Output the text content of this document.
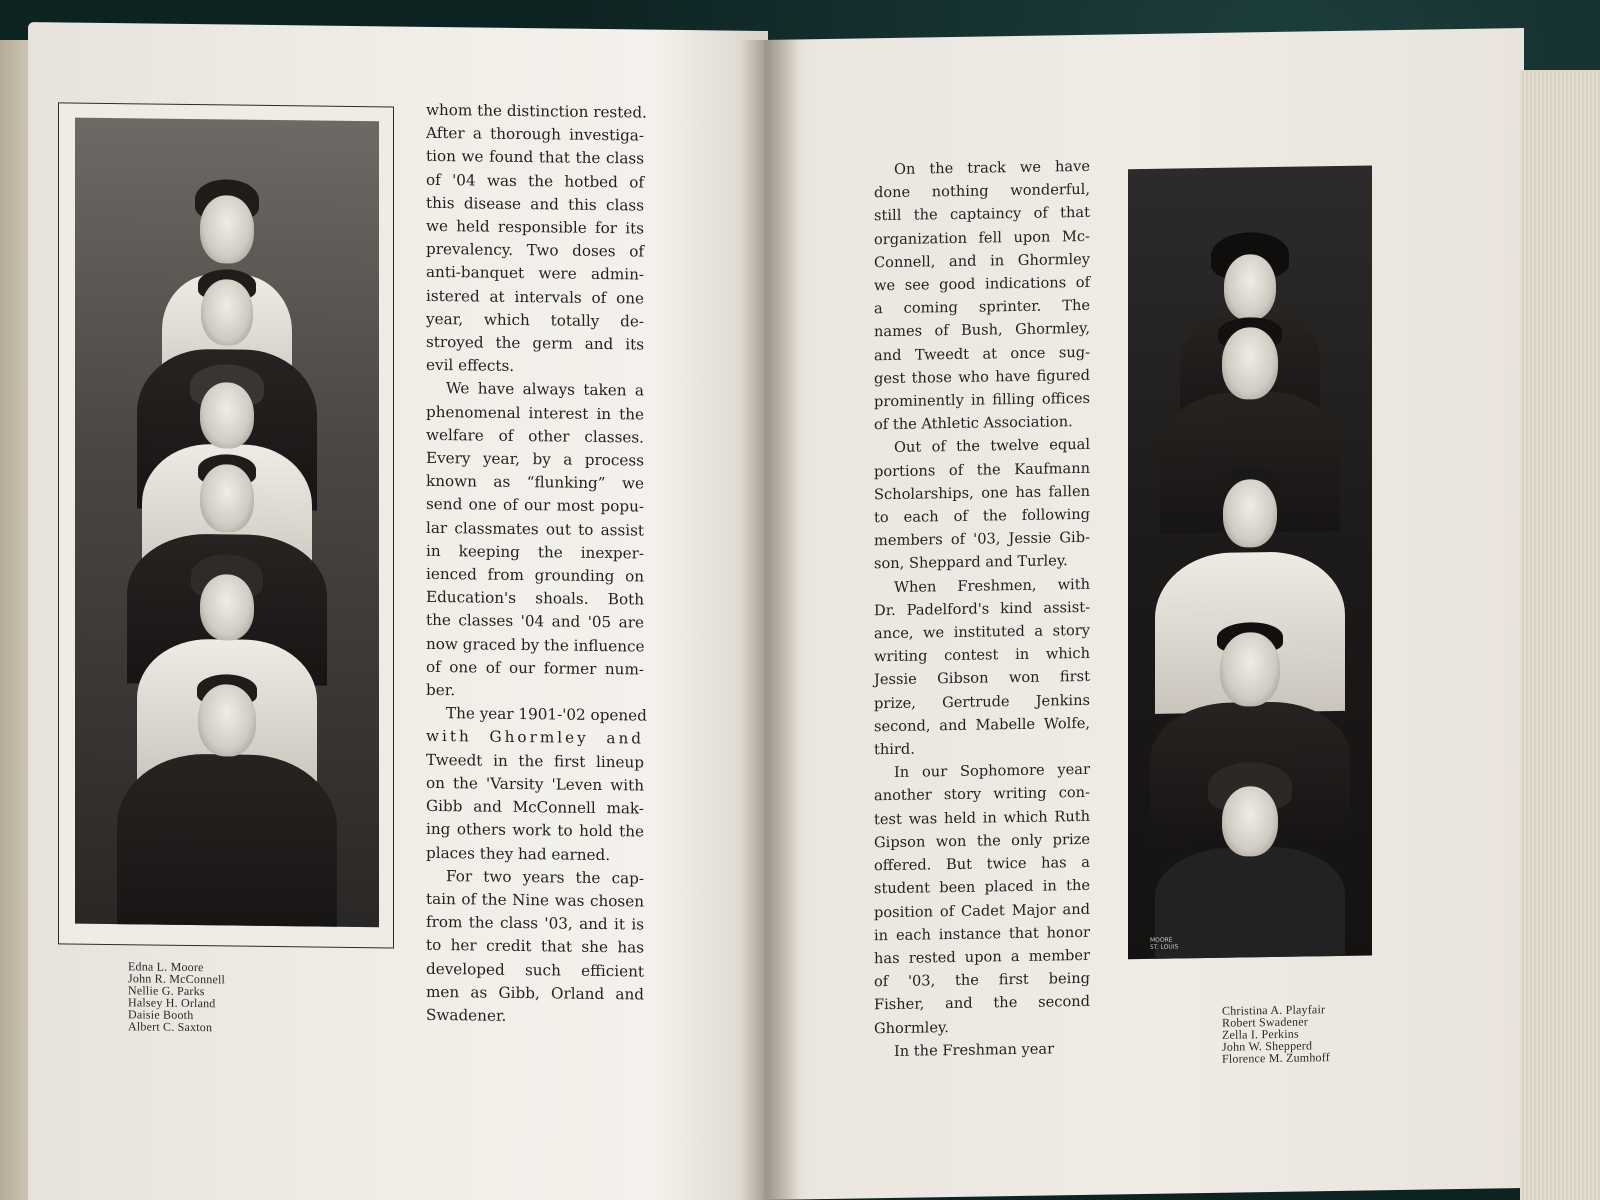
Edna L. Moore
John R. McConnell
Nellie G. Parks
Halsey H. Orland
Daisie Booth
Albert C. Saxton
whom the distinction rested.
After a thorough investiga-
tion we found that the class
of '04 was the hotbed of
this disease and this class
we held responsible for its
prevalency. Two doses of
anti-banquet were admin-
istered at intervals of one
year, which totally de-
stroyed the germ and its
evil effects.
We have always taken a
phenomenal interest in the
welfare of other classes.
Every year, by a process
known as “flunking” we
send one of our most popu-
lar classmates out to assist
in keeping the inexper-
ienced from grounding on
Education's shoals. Both
the classes '04 and '05 are
now graced by the influence
of one of our former num-
ber.
The year 1901-'02 opened
with Ghormley and
Tweedt in the first lineup
on the 'Varsity 'Leven with
Gibb and McConnell mak-
ing others work to hold the
places they had earned.
For two years the cap-
tain of the Nine was chosen
from the class '03, and it is
to her credit that she has
developed such efficient
men as Gibb, Orland and
Swadener.
On the track we have
done nothing wonderful,
still the captaincy of that
organization fell upon Mc-
Connell, and in Ghormley
we see good indications of
a coming sprinter. The
names of Bush, Ghormley,
and Tweedt at once sug-
gest those who have figured
prominently in filling offices
of the Athletic Association.
Out of the twelve equal
portions of the Kaufmann
Scholarships, one has fallen
to each of the following
members of '03, Jessie Gib-
son, Sheppard and Turley.
When Freshmen, with
Dr. Padelford's kind assist-
ance, we instituted a story
writing contest in which
Jessie Gibson won first
prize, Gertrude Jenkins
second, and Mabelle Wolfe,
third.
In our Sophomore year
another story writing con-
test was held in which Ruth
Gipson won the only prize
offered. But twice has a
student been placed in the
position of Cadet Major and
in each instance that honor
has rested upon a member
of '03, the first being
Fisher, and the second
Ghormley.
In the Freshman year
MOORE
ST. LOUIS
Christina A. Playfair
Robert Swadener
Zella I. Perkins
John W. Shepperd
Florence M. Zumhoff
